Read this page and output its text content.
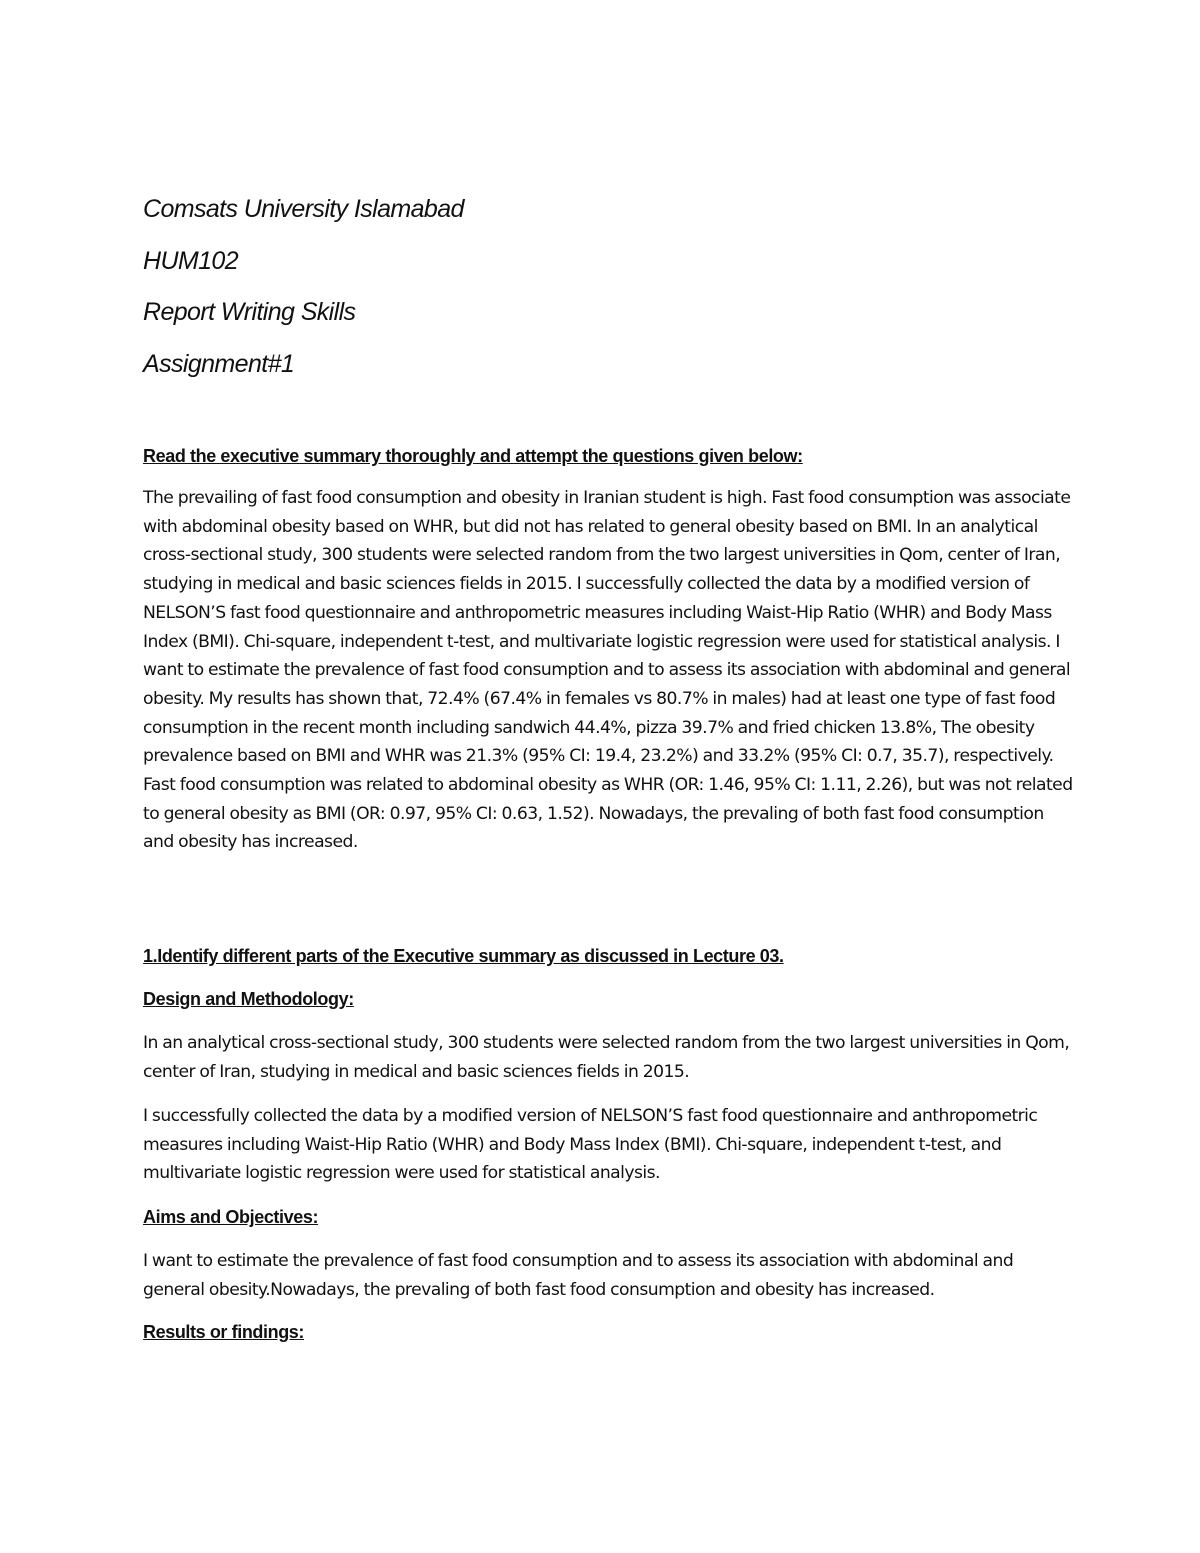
Comsats University Islamabad

HUM102

Report Writing Skills

Assignment#1

Read the executive summary thoroughly and attempt the questions given below:

The prevailing of fast food consumption and obesity in Iranian student is high. Fast food consumption was associate with abdominal obesity based on WHR, but did not has related to general obesity based on BMI. In an analytical cross-sectional study, 300 students were selected random from the two largest universities in Qom, center of Iran, studying in medical and basic sciences fields in 2015. I successfully collected the data by a modified version of NELSON’S fast food questionnaire and anthropometric measures including Waist-Hip Ratio (WHR) and Body Mass Index (BMI). Chi-square, independent t-test, and multivariate logistic regression were used for statistical analysis. I want to estimate the prevalence of fast food consumption and to assess its association with abdominal and general obesity. My results has shown that, 72.4% (67.4% in females vs 80.7% in males) had at least one type of fast food consumption in the recent month including sandwich 44.4%, pizza 39.7% and fried chicken 13.8%, The obesity prevalence based on BMI and WHR was 21.3% (95% CI: 19.4, 23.2%) and 33.2% (95% CI: 0.7, 35.7), respectively. Fast food consumption was related to abdominal obesity as WHR (OR: 1.46, 95% CI: 1.11, 2.26), but was not related to general obesity as BMI (OR: 0.97, 95% CI: 0.63, 1.52). Nowadays, the prevaling of both fast food consumption and obesity has increased.

1.Identify different parts of the Executive summary as discussed in Lecture 03.

Design and Methodology:

In an analytical cross-sectional study, 300 students were selected random from the two largest universities in Qom, center of Iran, studying in medical and basic sciences fields in 2015.

I successfully collected the data by a modified version of NELSON’S fast food questionnaire and anthropometric measures including Waist-Hip Ratio (WHR) and Body Mass Index (BMI). Chi-square, independent t-test, and multivariate logistic regression were used for statistical analysis.

Aims and Objectives:

I want to estimate the prevalence of fast food consumption and to assess its association with abdominal and general obesity.Nowadays, the prevaling of both fast food consumption and obesity has increased.

Results or findings:
